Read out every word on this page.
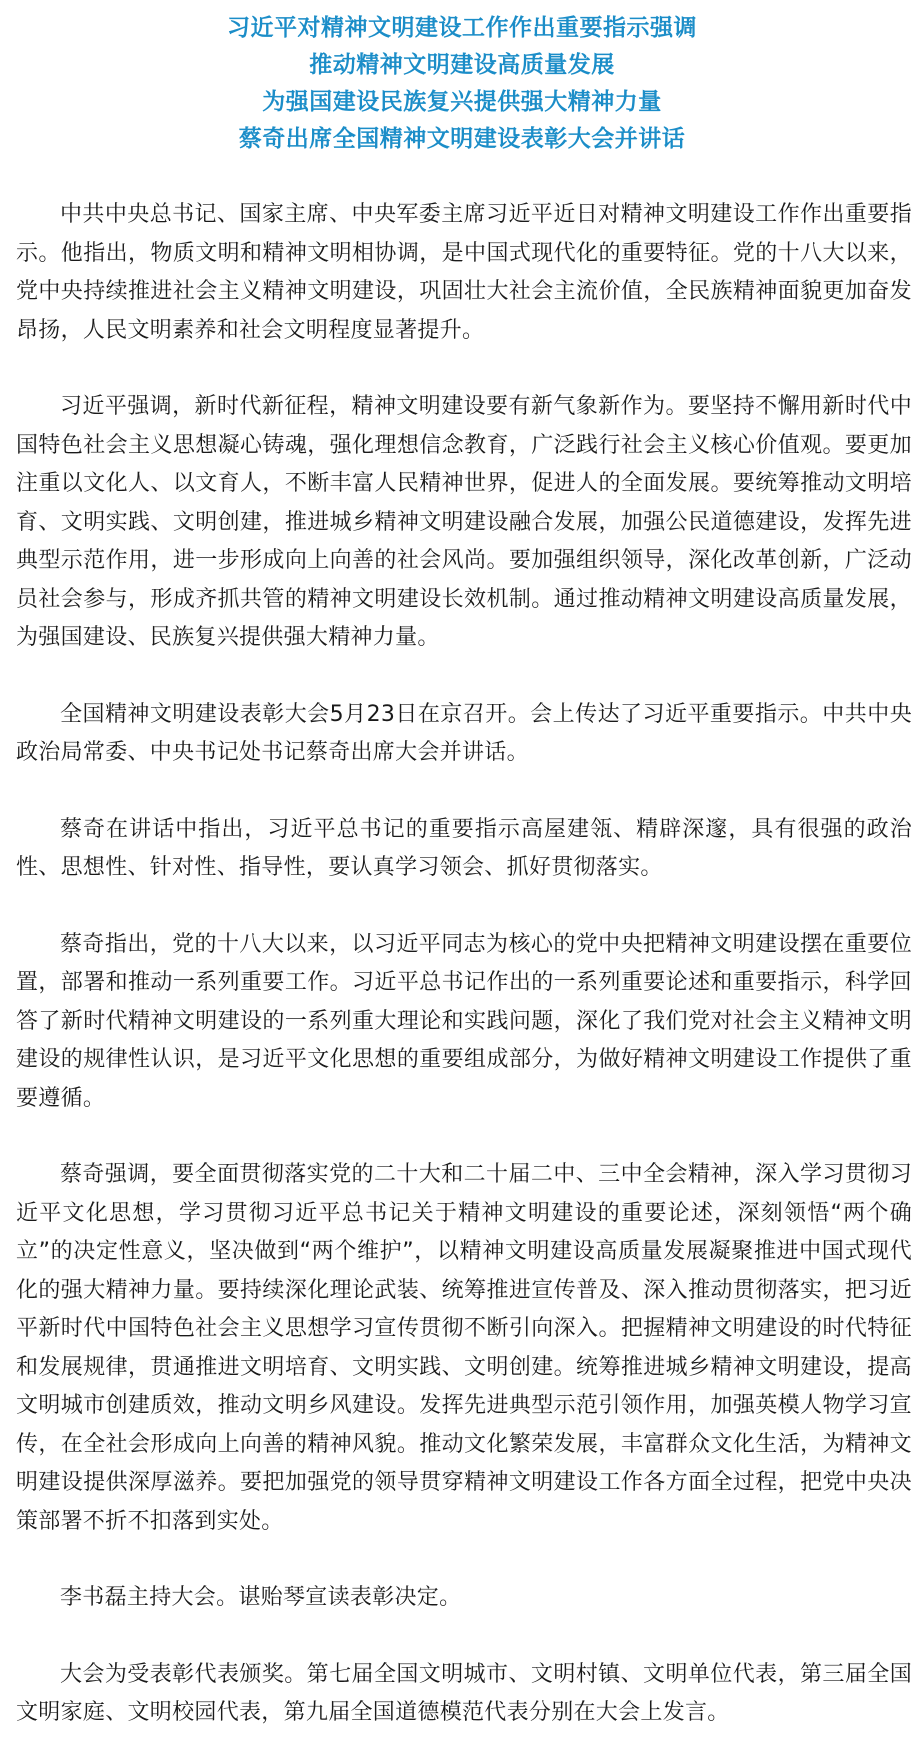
习近平对精神文明建设工作作出重要指示强调
推动精神文明建设高质量发展
为强国建设民族复兴提供强大精神力量
蔡奇出席全国精神文明建设表彰大会并讲话

中共中央总书记、国家主席、中央军委主席习近平近日对精神文明建设工作作出重要指示。他指出，物质文明和精神文明相协调，是中国式现代化的重要特征。党的十八大以来，党中央持续推进社会主义精神文明建设，巩固壮大社会主流价值，全民族精神面貌更加奋发昂扬，人民文明素养和社会文明程度显著提升。

习近平强调，新时代新征程，精神文明建设要有新气象新作为。要坚持不懈用新时代中国特色社会主义思想凝心铸魂，强化理想信念教育，广泛践行社会主义核心价值观。要更加注重以文化人、以文育人，不断丰富人民精神世界，促进人的全面发展。要统筹推动文明培育、文明实践、文明创建，推进城乡精神文明建设融合发展，加强公民道德建设，发挥先进典型示范作用，进一步形成向上向善的社会风尚。要加强组织领导，深化改革创新，广泛动员社会参与，形成齐抓共管的精神文明建设长效机制。通过推动精神文明建设高质量发展，为强国建设、民族复兴提供强大精神力量。

全国精神文明建设表彰大会5月23日在京召开。会上传达了习近平重要指示。中共中央政治局常委、中央书记处书记蔡奇出席大会并讲话。

蔡奇在讲话中指出，习近平总书记的重要指示高屋建瓴、精辟深邃，具有很强的政治性、思想性、针对性、指导性，要认真学习领会、抓好贯彻落实。

蔡奇指出，党的十八大以来，以习近平同志为核心的党中央把精神文明建设摆在重要位置，部署和推动一系列重要工作。习近平总书记作出的一系列重要论述和重要指示，科学回答了新时代精神文明建设的一系列重大理论和实践问题，深化了我们党对社会主义精神文明建设的规律性认识，是习近平文化思想的重要组成部分，为做好精神文明建设工作提供了重要遵循。

蔡奇强调，要全面贯彻落实党的二十大和二十届二中、三中全会精神，深入学习贯彻习近平文化思想，学习贯彻习近平总书记关于精神文明建设的重要论述，深刻领悟“两个确立”的决定性意义，坚决做到“两个维护”，以精神文明建设高质量发展凝聚推进中国式现代化的强大精神力量。要持续深化理论武装、统筹推进宣传普及、深入推动贯彻落实，把习近平新时代中国特色社会主义思想学习宣传贯彻不断引向深入。把握精神文明建设的时代特征和发展规律，贯通推进文明培育、文明实践、文明创建。统筹推进城乡精神文明建设，提高文明城市创建质效，推动文明乡风建设。发挥先进典型示范引领作用，加强英模人物学习宣传，在全社会形成向上向善的精神风貌。推动文化繁荣发展，丰富群众文化生活，为精神文明建设提供深厚滋养。要把加强党的领导贯穿精神文明建设工作各方面全过程，把党中央决策部署不折不扣落到实处。

李书磊主持大会。谌贻琴宣读表彰决定。

大会为受表彰代表颁奖。第七届全国文明城市、文明村镇、文明单位代表，第三届全国文明家庭、文明校园代表，第九届全国道德模范代表分别在大会上发言。
